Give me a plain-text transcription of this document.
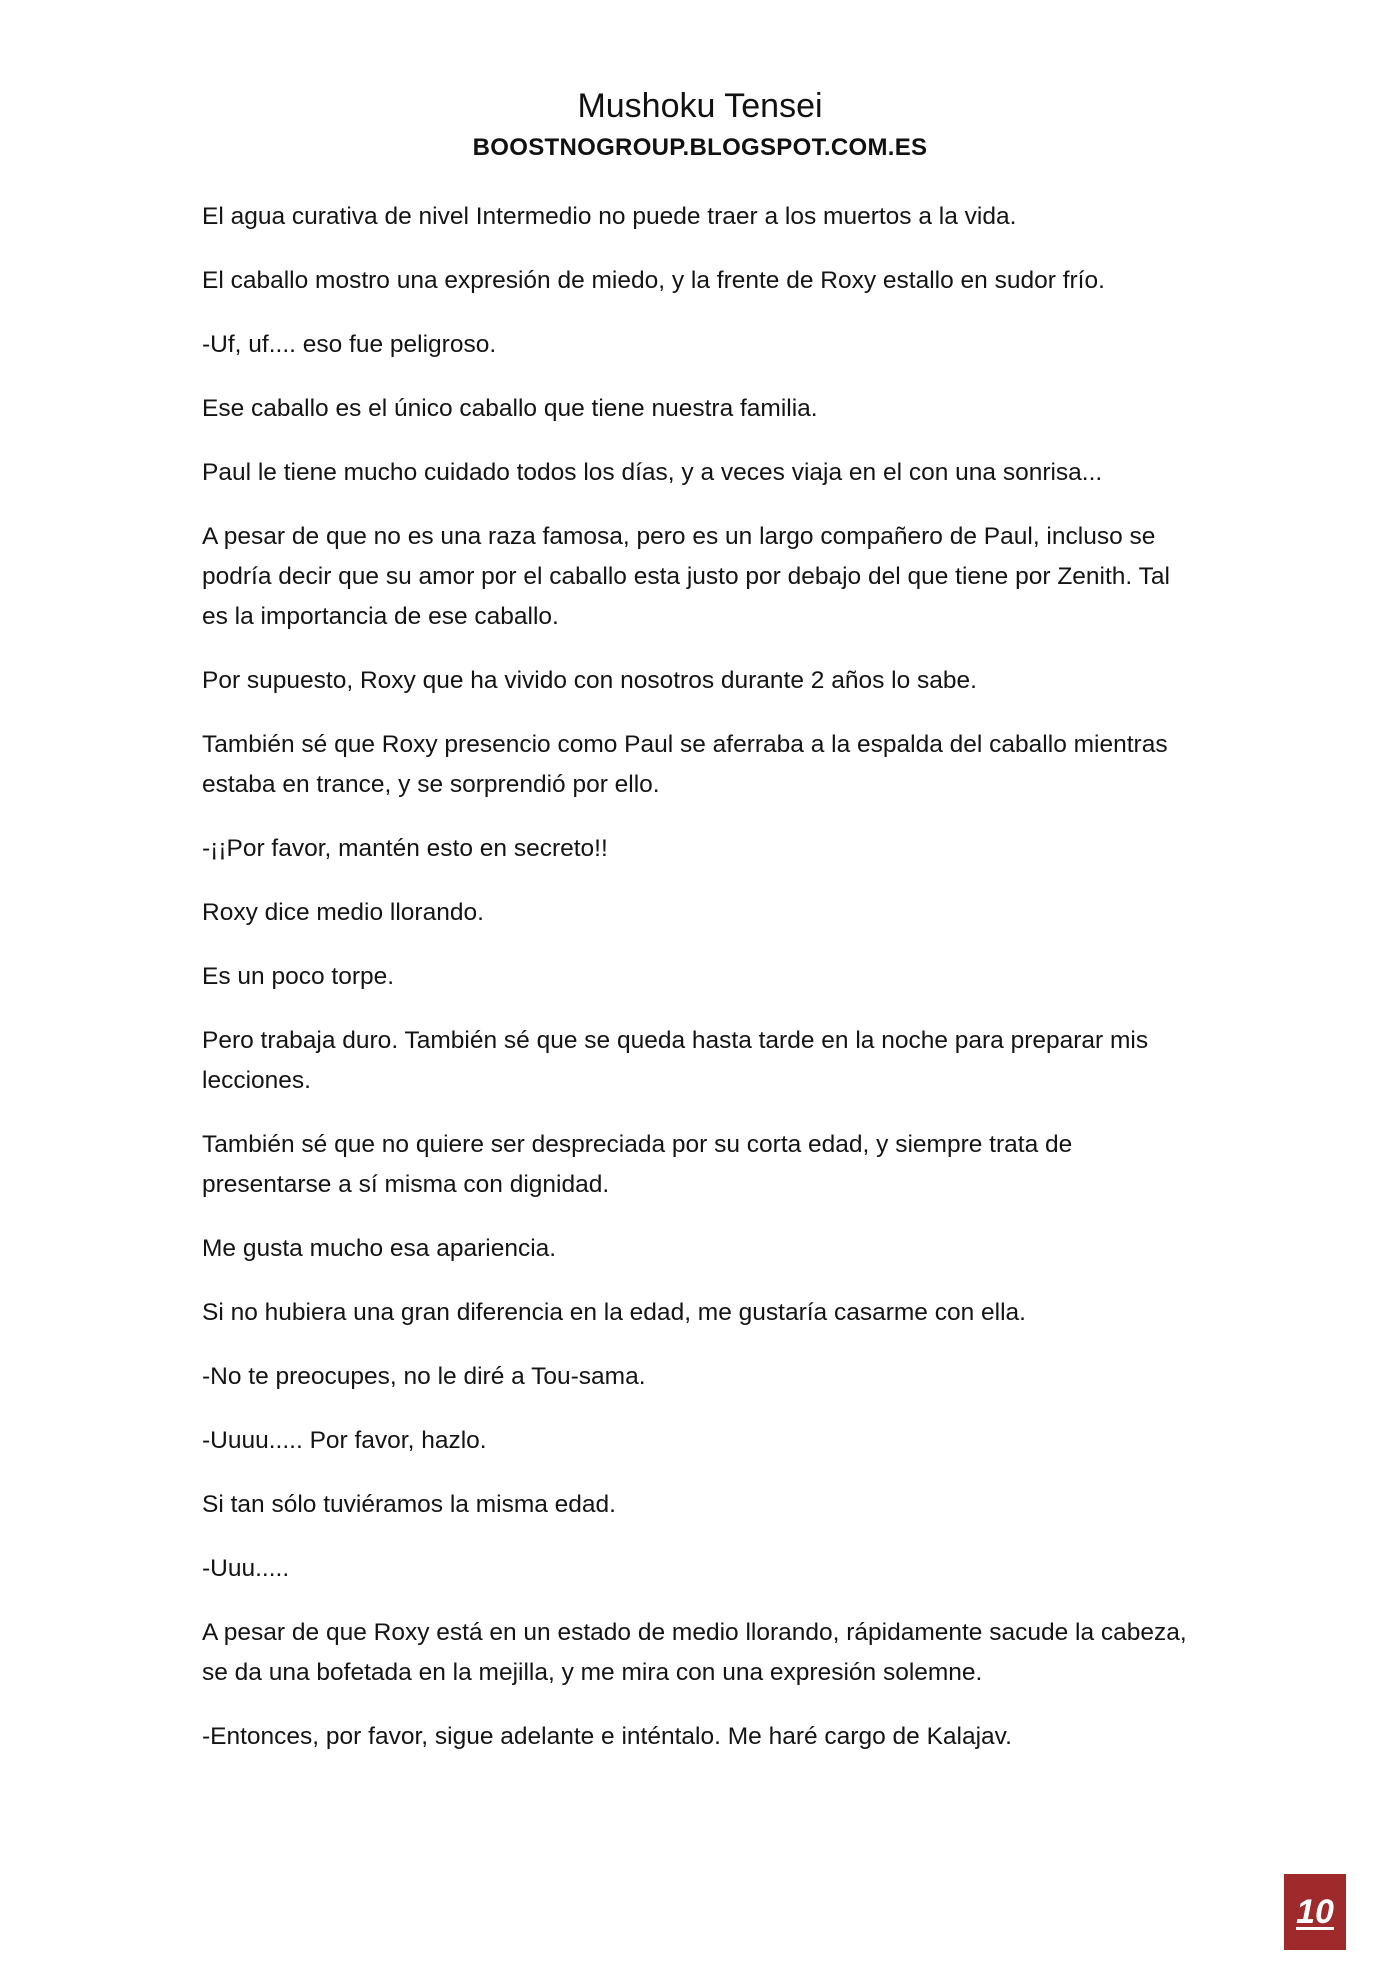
Mushoku Tensei
BOOSTNOGROUP.BLOGSPOT.COM.ES

El agua curativa de nivel Intermedio no puede traer a los muertos a la vida.

El caballo mostro una expresión de miedo, y la frente de Roxy estallo en sudor frío.

-Uf, uf.... eso fue peligroso.

Ese caballo es el único caballo que tiene nuestra familia.

Paul le tiene mucho cuidado todos los días, y a veces viaja en el con una sonrisa...

A pesar de que no es una raza famosa, pero es un largo compañero de Paul, incluso se podría decir que su amor por el caballo esta justo por debajo del que tiene por Zenith. Tal es la importancia de ese caballo.

Por supuesto, Roxy que ha vivido con nosotros durante 2 años lo sabe.

También sé que Roxy presencio como Paul se aferraba a la espalda del caballo mientras estaba en trance, y se sorprendió por ello.

-¡¡Por favor, mantén esto en secreto!!

Roxy dice medio llorando.

Es un poco torpe.

Pero trabaja duro. También sé que se queda hasta tarde en la noche para preparar mis lecciones.

También sé que no quiere ser despreciada por su corta edad, y siempre trata de presentarse a sí misma con dignidad.

Me gusta mucho esa apariencia.

Si no hubiera una gran diferencia en la edad, me gustaría casarme con ella.

-No te preocupes, no le diré a Tou-sama.

-Uuuu..... Por favor, hazlo.

Si tan sólo tuviéramos la misma edad.

-Uuu.....

A pesar de que Roxy está en un estado de medio llorando, rápidamente sacude la cabeza, se da una bofetada en la mejilla, y me mira con una expresión solemne.

-Entonces, por favor, sigue adelante e inténtalo. Me haré cargo de Kalajav.

10
